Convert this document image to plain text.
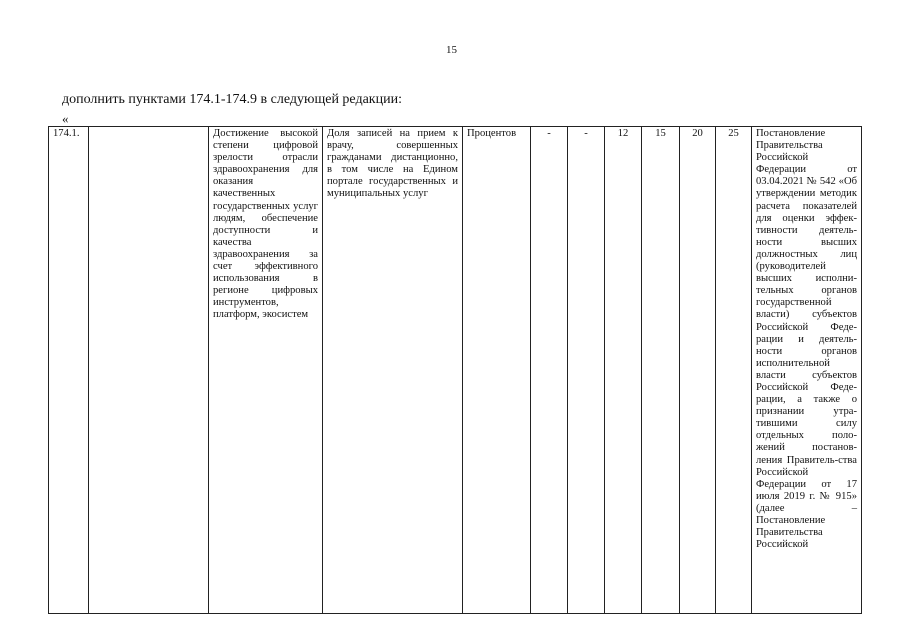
15
дополнить пунктами 174.1-174.9 в следующей редакции:
«
174.1.		Достижение высокой степени цифровой зрелости отрасли здравоохранения для оказания качественных государственных услуг людям, обеспечение доступности и качества здравоохранения за счет эффективного использования в регионе цифровых инструментов, платформ, экосистем	Доля записей на прием к врачу, совершенных гражданами дистанционно, в том числе на Едином портале государственных и муниципальных услуг	Процентов	-	-	12	15	20	25	Постановление Правительства Российской Федерации от 03.04.2021 № 542 «Об утверждении методик расчета показателей для оценки эффек-тивности деятель-ности высших должностных лиц (руководителей высших исполни-тельных органов государственной власти) субъектов Российской Феде-рации и деятель-ности органов исполнительной власти субъектов Российской Феде-рации, а также о признании утра-тившими силу отдельных поло-жений постанов-ления Правитель-ства Российской Федерации от 17 июля 2019 г. № 915» (далее – Постановление Правительства Российской
